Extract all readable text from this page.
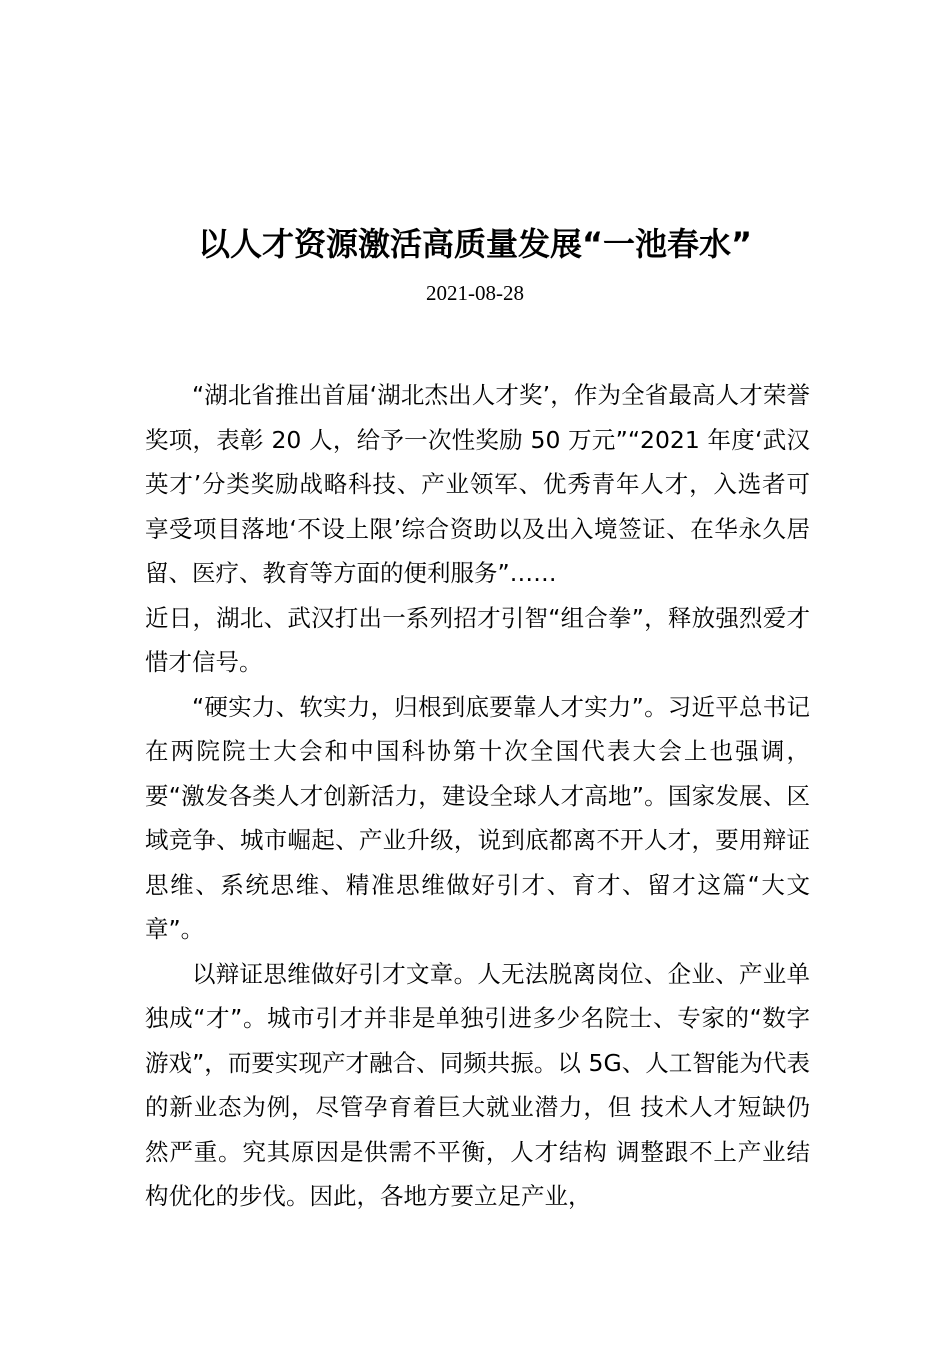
以人才资源激活高质量发展“一池春水”
2021-08-28

“湖北省推出首届‘湖北杰出人才奖’，作为全省最高人才荣誉奖项，表彰 20 人，给予一次性奖励 50 万元”“2021 年度‘武汉英才’分类奖励战略科技、产业领军、优秀青年人才，入选者可享受项目落地‘不设上限’综合资助以及出入境签证、在华永久居留、医疗、教育等方面的便利服务”……

近日，湖北、武汉打出一系列招才引智“组合拳”，释放强烈爱才惜才信号。

“硬实力、软实力，归根到底要靠人才实力”。习近平总书记在两院院士大会和中国科协第十次全国代表大会上也强调，要“激发各类人才创新活力，建设全球人才高地”。国家发展、区域竞争、城市崛起、产业升级，说到底都离不开人才，要用辩证思维、系统思维、精准思维做好引才、育才、留才这篇“大文章”。

以辩证思维做好引才文章。人无法脱离岗位、企业、产业单独成“才”。城市引才并非是单独引进多少名院士、专家的“数字游戏”，而要实现产才融合、同频共振。以 5G、人工智能为代表的新业态为例，尽管孕育着巨大就业潜力，但 技术人才短缺仍然严重。究其原因是供需不平衡，人才结构 调整跟不上产业结构优化的步伐。因此，各地方要立足产业，
